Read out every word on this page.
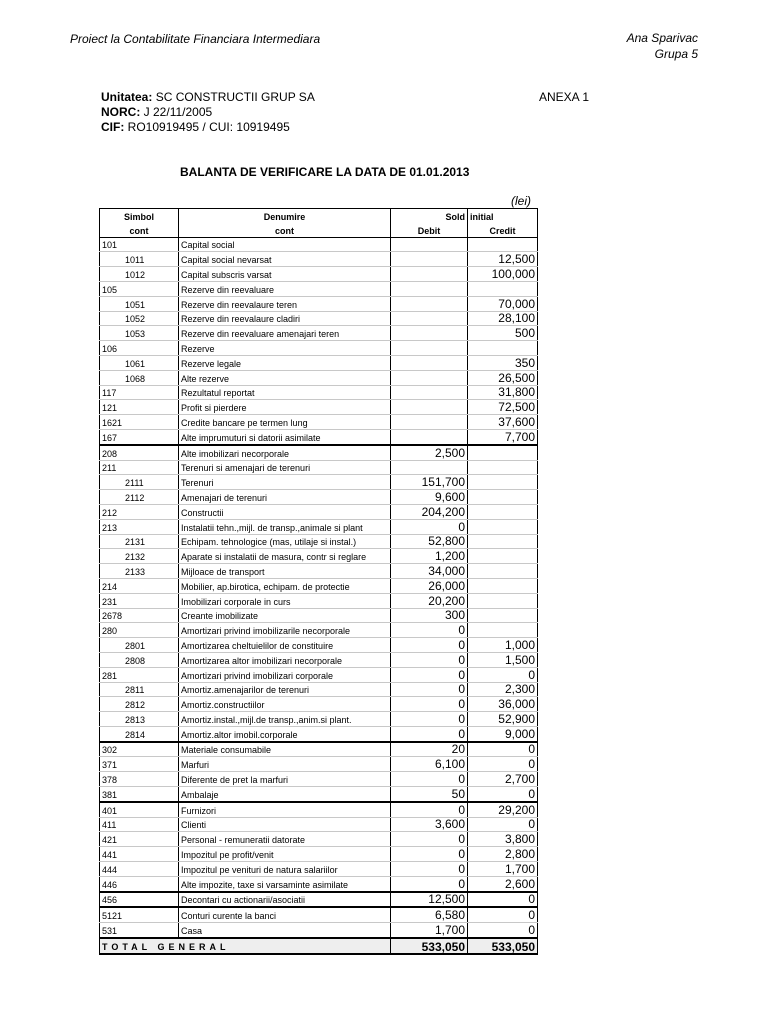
Proiect la Contabilitate Financiara Intermediara	Ana Sparivac
Grupa 5
Unitatea: SC CONSTRUCTII GRUP SA
NORC: J 22/11/2005
CIF: RO10919495 / CUI: 10919495
ANEXA 1
BALANTA DE VERIFICARE LA DATA DE 01.01.2013
(lei)
Simbol	Denumire	Sold	initial
cont	cont	Debit	Credit
101	Capital social		
1011	Capital social nevarsat		12,500
1012	Capital subscris varsat		100,000
105	Rezerve din reevaluare		
1051	Rezerve din reevalaure teren		70,000
1052	Rezerve din reevalaure cladiri		28,100
1053	Rezerve din reevaluare amenajari teren		500
106	Rezerve		
1061	Rezerve legale		350
1068	Alte rezerve		26,500
117	Rezultatul reportat		31,800
121	Profit si pierdere		72,500
1621	Credite bancare pe termen lung		37,600
167	Alte imprumuturi si datorii asimilate		7,700
208	Alte imobilizari necorporale	2,500	
211	Terenuri si amenajari de terenuri		
2111	Terenuri	151,700	
2112	Amenajari de terenuri	9,600	
212	Constructii	204,200	
213	Instalatii tehn.,mijl. de transp.,animale si plant	0	
2131	Echipam. tehnologice (mas, utilaje si instal.)	52,800	
2132	Aparate si instalatii de masura, contr si reglare	1,200	
2133	Mijloace de transport	34,000	
214	Mobilier, ap.birotica, echipam. de protectie	26,000	
231	Imobilizari corporale in curs	20,200	
2678	Creante imobilizate	300	
280	Amortizari privind imobilizarile necorporale	0	
2801	Amortizarea cheltuielilor de constituire	0	1,000
2808	Amortizarea altor imobilizari necorporale	0	1,500
281	Amortizari privind imobilizari corporale	0	0
2811	Amortiz.amenajarilor de terenuri	0	2,300
2812	Amortiz.constructiilor	0	36,000
2813	Amortiz.instal.,mijl.de transp.,anim.si plant.	0	52,900
2814	Amortiz.altor imobil.corporale	0	9,000
302	Materiale consumabile	20	0
371	Marfuri	6,100	0
378	Diferente de pret la marfuri	0	2,700
381	Ambalaje	50	0
401	Furnizori	0	29,200
411	Clienti	3,600	0
421	Personal - remuneratii datorate	0	3,800
441	Impozitul pe profit/venit	0	2,800
444	Impozitul pe venituri de natura salariilor	0	1,700
446	Alte impozite, taxe si varsaminte asimilate	0	2,600
456	Decontari cu actionarii/asociatii	12,500	0
5121	Conturi curente la banci	6,580	0
531	Casa	1,700	0
TOTAL GENERAL		533,050	533,050
